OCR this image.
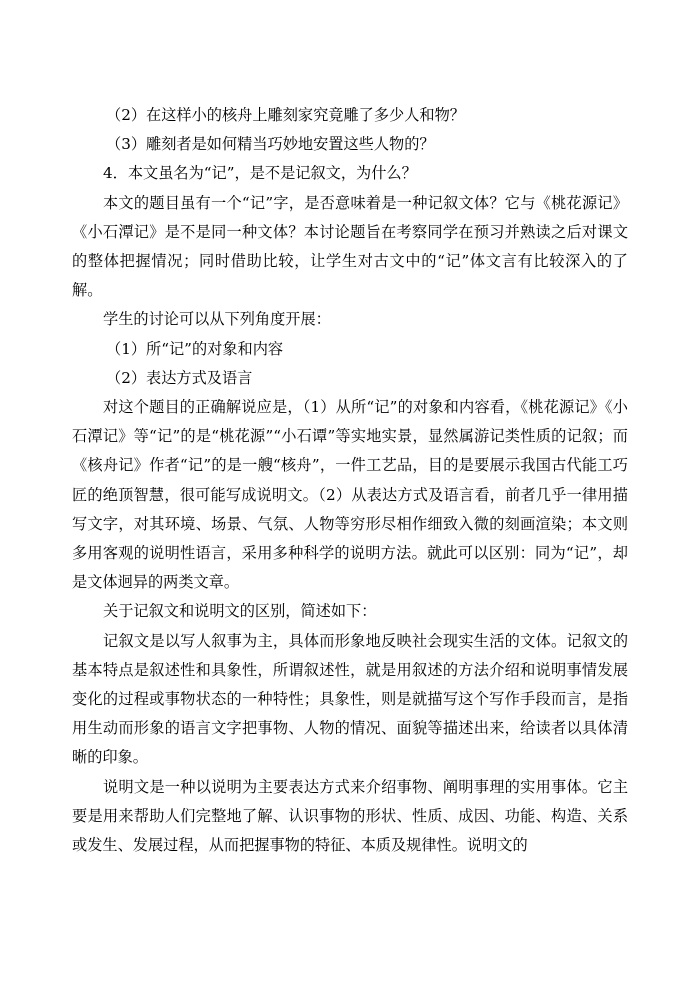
（2）在这样小的核舟上雕刻家究竟雕了多少人和物？

（3）雕刻者是如何精当巧妙地安置这些人物的？

4．本文虽名为“记”，是不是记叙文，为什么？

本文的题目虽有一个“记”字，是否意味着是一种记叙文体？它与《桃花源记》《小石潭记》是不是同一种文体？本讨论题旨在考察同学在预习并熟读之后对课文的整体把握情况；同时借助比较，让学生对古文中的“记”体文言有比较深入的了解。

学生的讨论可以从下列角度开展：

（1）所“记”的对象和内容

（2）表达方式及语言

对这个题目的正确解说应是，（1）从所“记”的对象和内容看，《桃花源记》《小石潭记》等“记”的是“桃花源”“小石谭”等实地实景，显然属游记类性质的记叙；而《核舟记》作者“记”的是一艘“核舟”，一件工艺品，目的是要展示我国古代能工巧匠的绝顶智慧，很可能写成说明文。（2）从表达方式及语言看，前者几乎一律用描写文字，对其环境、场景、气氛、人物等穷形尽相作细致入微的刻画渲染；本文则多用客观的说明性语言，采用多种科学的说明方法。就此可以区别：同为“记”，却是文体迥异的两类文章。

关于记叙文和说明文的区别，简述如下：

记叙文是以写人叙事为主，具体而形象地反映社会现实生活的文体。记叙文的基本特点是叙述性和具象性，所谓叙述性，就是用叙述的方法介绍和说明事情发展变化的过程或事物状态的一种特性；具象性，则是就描写这个写作手段而言，是指用生动而形象的语言文字把事物、人物的情况、面貌等描述出来，给读者以具体清晰的印象。

说明文是一种以说明为主要表达方式来介绍事物、阐明事理的实用事体。它主要是用来帮助人们完整地了解、认识事物的形状、性质、成因、功能、构造、关系或发生、发展过程，从而把握事物的特征、本质及规律性。说明文的
